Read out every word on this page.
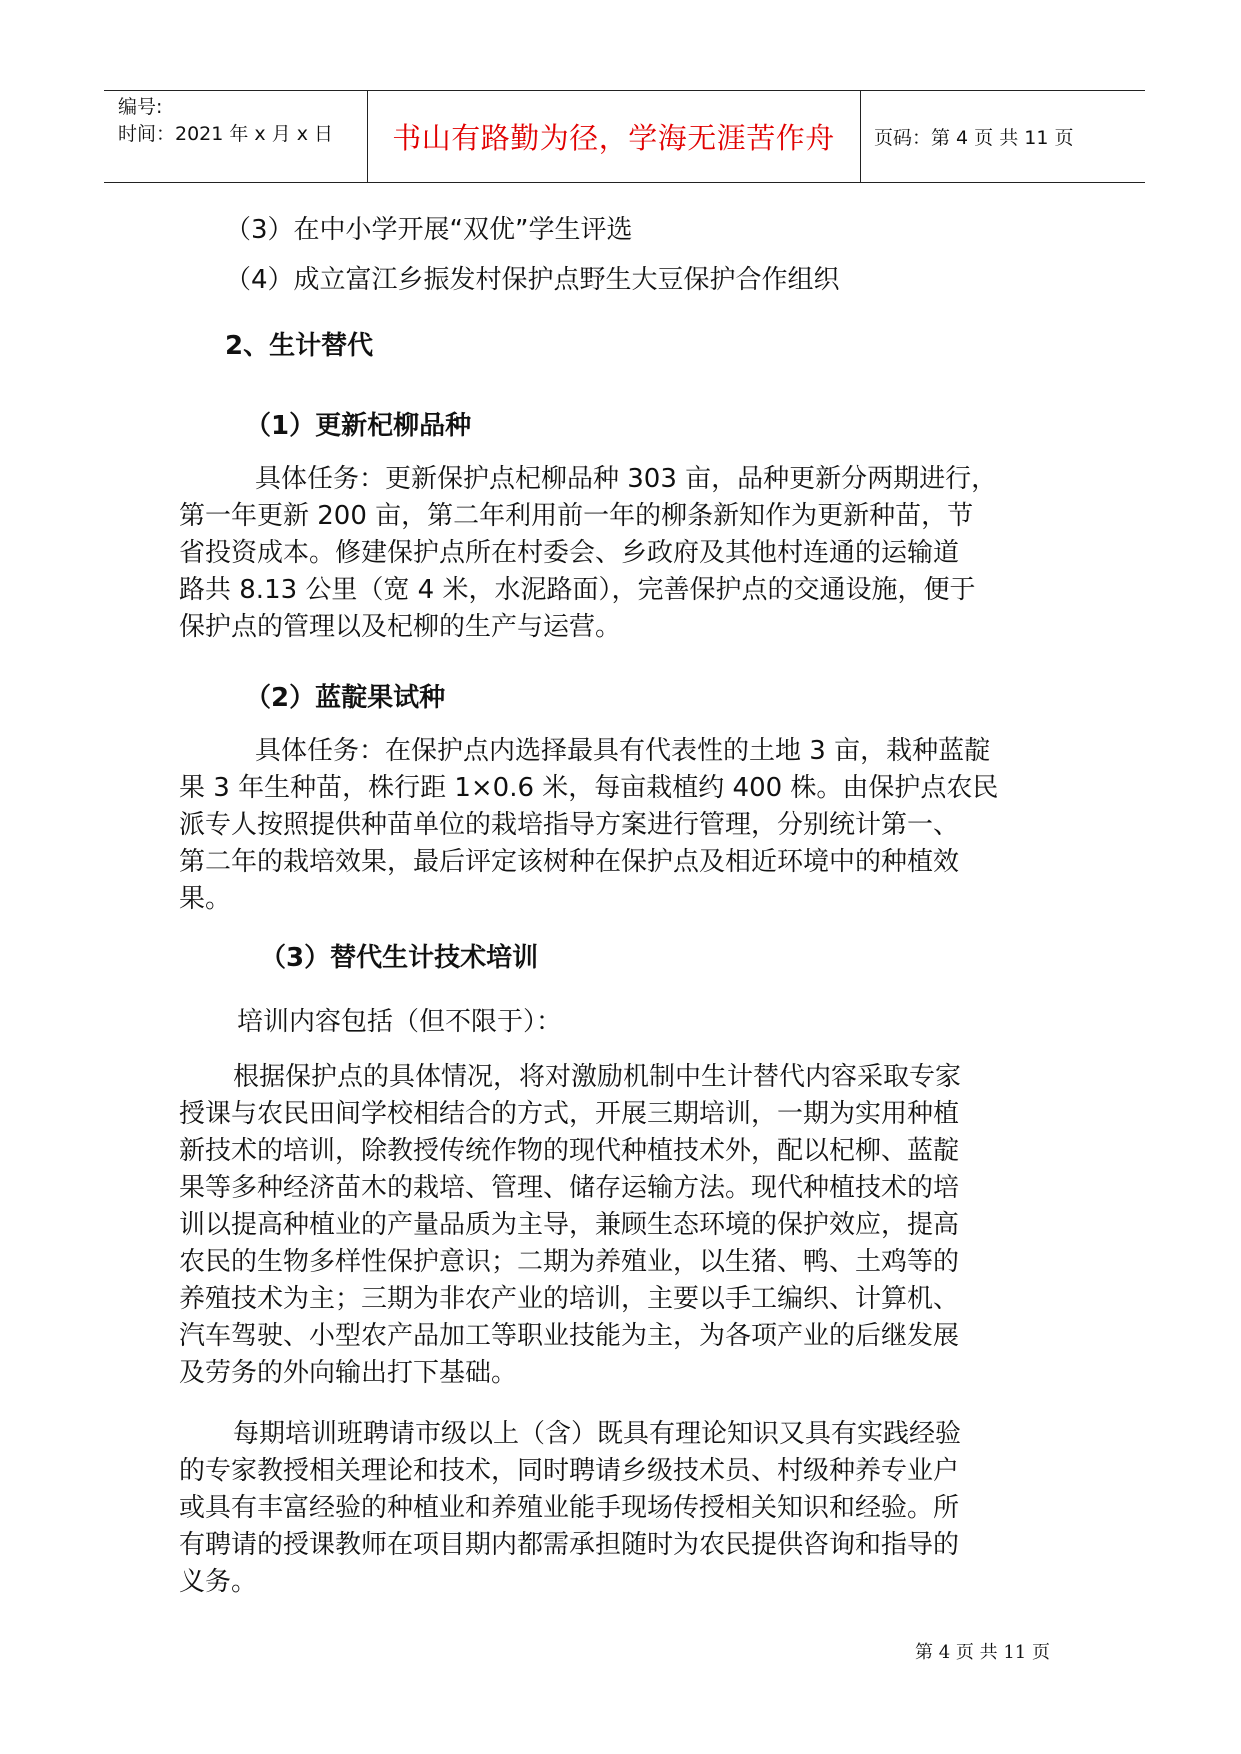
编号:
时间：2021 年 x 月 x 日	书山有路勤为径，学海无涯苦作舟	页码：第 4 页 共 11 页

（3）在中小学开展“双优”学生评选

（4）成立富江乡振发村保护点野生大豆保护合作组织

2、生计替代

（1）更新杞柳品种

具体任务：更新保护点杞柳品种 303 亩，品种更新分两期进行，

第一年更新 200 亩，第二年利用前一年的柳条新知作为更新种苗，节

省投资成本。修建保护点所在村委会、乡政府及其他村连通的运输道

路共 8.13 公里（宽 4 米，水泥路面），完善保护点的交通设施，便于

保护点的管理以及杞柳的生产与运营。

（2）蓝靛果试种

具体任务：在保护点内选择最具有代表性的土地 3 亩，栽种蓝靛

果 3 年生种苗，株行距 1×0.6 米，每亩栽植约 400 株。由保护点农民

派专人按照提供种苗单位的栽培指导方案进行管理，分别统计第一、

第二年的栽培效果，最后评定该树种在保护点及相近环境中的种植效

果。

（3）替代生计技术培训

培训内容包括（但不限于）：

根据保护点的具体情况，将对激励机制中生计替代内容采取专家

授课与农民田间学校相结合的方式，开展三期培训，一期为实用种植

新技术的培训，除教授传统作物的现代种植技术外，配以杞柳、蓝靛

果等多种经济苗木的栽培、管理、储存运输方法。现代种植技术的培

训以提高种植业的产量品质为主导，兼顾生态环境的保护效应，提高

农民的生物多样性保护意识；二期为养殖业，以生猪、鸭、土鸡等的

养殖技术为主；三期为非农产业的培训，主要以手工编织、计算机、

汽车驾驶、小型农产品加工等职业技能为主，为各项产业的后继发展

及劳务的外向输出打下基础。

每期培训班聘请市级以上（含）既具有理论知识又具有实践经验

的专家教授相关理论和技术，同时聘请乡级技术员、村级种养专业户

或具有丰富经验的种植业和养殖业能手现场传授相关知识和经验。所

有聘请的授课教师在项目期内都需承担随时为农民提供咨询和指导的

义务。

第 4 页 共 11 页
